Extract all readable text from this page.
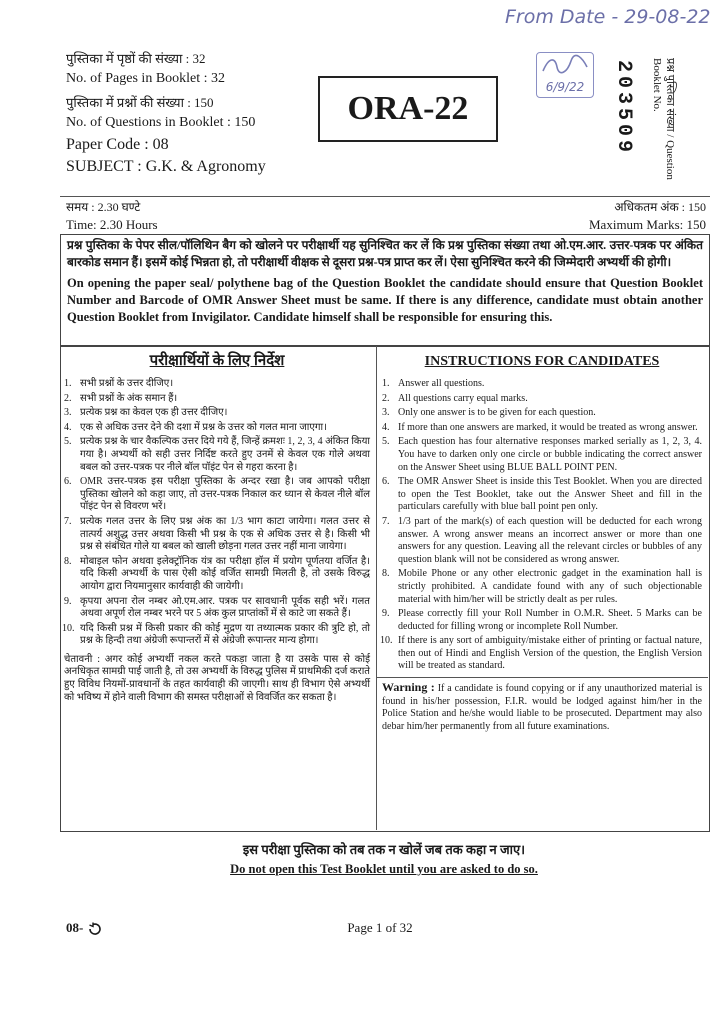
From Date - 29-08-22
6/9/22
पुस्तिका में पृष्ठों की संख्या : 32
No. of Pages in Booklet : 32
पुस्तिका में प्रश्नों की संख्या : 150
No. of Questions in Booklet : 150
Paper Code : 08
SUBJECT : G.K. & Agronomy
ORA-22	203509	प्रश्न पुस्तिका संख्या / Question Booklet No.
समय : 2.30 घण्टे
Time: 2.30 Hours
अधिकतम अंक : 150
Maximum Marks: 150
प्रश्न पुस्तिका के पेपर सील/पॉलिथिन बैग को खोलने पर परीक्षार्थी यह सुनिश्चित कर लें कि प्रश्न पुस्तिका संख्या तथा ओ.एम.आर. उत्तर-पत्रक पर अंकित बारकोड समान हैं। इसमें कोई भिन्नता हो, तो परीक्षार्थी वीक्षक से दूसरा प्रश्न-पत्र प्राप्त कर लें। ऐसा सुनिश्चित करने की जिम्मेदारी अभ्यर्थी की होगी।
On opening the paper seal/ polythene bag of the Question Booklet the candidate should ensure that Question Booklet Number and Barcode of OMR Answer Sheet must be same. If there is any difference, candidate must obtain another Question Booklet from Invigilator. Candidate himself shall be responsible for ensuring this.
परीक्षार्थियों के लिए निर्देश
1. सभी प्रश्नों के उत्तर दीजिए।
2. सभी प्रश्नों के अंक समान हैं।
3. प्रत्येक प्रश्न का केवल एक ही उत्तर दीजिए।
4. एक से अधिक उत्तर देने की दशा में प्रश्न के उत्तर को गलत माना जाएगा।
5. प्रत्येक प्रश्न के चार वैकल्पिक उत्तर दिये गये हैं, जिन्हें क्रमशः 1, 2, 3, 4 अंकित किया गया है। अभ्यर्थी को सही उत्तर निर्दिष्ट करते हुए उनमें से केवल एक गोले अथवा बबल को उत्तर-पत्रक पर नीले बॉल पॉइंट पेन से गहरा करना है।
6. OMR उत्तर-पत्रक इस परीक्षा पुस्तिका के अन्दर रखा है। जब आपको परीक्षा पुस्तिका खोलने को कहा जाए, तो उत्तर-पत्रक निकाल कर ध्यान से केवल नीले बॉल पॉइंट पेन से विवरण भरें।
7. प्रत्येक गलत उत्तर के लिए प्रश्न अंक का 1/3 भाग काटा जायेगा। गलत उत्तर से तात्पर्य अशुद्ध उत्तर अथवा किसी भी प्रश्न के एक से अधिक उत्तर से है। किसी भी प्रश्न से संबंधित गोले या बबल को खाली छोड़ना गलत उत्तर नहीं माना जायेगा।
8. मोबाइल फोन अथवा इलेक्ट्रॉनिक यंत्र का परीक्षा हॉल में प्रयोग पूर्णतया वर्जित है। यदि किसी अभ्यर्थी के पास ऐसी कोई वर्जित सामग्री मिलती है, तो उसके विरुद्ध आयोग द्वारा नियमानुसार कार्यवाही की जायेगी।
9. कृपया अपना रोल नम्बर ओ.एम.आर. पत्रक पर सावधानी पूर्वक सही भरें। गलत अथवा अपूर्ण रोल नम्बर भरने पर 5 अंक कुल प्राप्तांकों में से काटे जा सकते हैं।
10. यदि किसी प्रश्न में किसी प्रकार की कोई मुद्रण या तथ्यात्मक प्रकार की त्रुटि हो, तो प्रश्न के हिन्दी तथा अंग्रेजी रूपान्तरों में से अंग्रेजी रूपान्तर मान्य होगा।
चेतावनी : अगर कोई अभ्यर्थी नकल करते पकड़ा जाता है या उसके पास से कोई अनधिकृत सामग्री पाई जाती है, तो उस अभ्यर्थी के विरुद्ध पुलिस में प्राथमिकी दर्ज कराते हुए विविध नियमों-प्रावधानों के तहत कार्यवाही की जाएगी। साथ ही विभाग ऐसे अभ्यर्थी को भविष्य में होने वाली विभाग की समस्त परीक्षाओं से विवर्जित कर सकता है।
INSTRUCTIONS FOR CANDIDATES
1. Answer all questions.
2. All questions carry equal marks.
3. Only one answer is to be given for each question.
4. If more than one answers are marked, it would be treated as wrong answer.
5. Each question has four alternative responses marked serially as 1, 2, 3, 4. You have to darken only one circle or bubble indicating the correct answer on the Answer Sheet using BLUE BALL POINT PEN.
6. The OMR Answer Sheet is inside this Test Booklet. When you are directed to open the Test Booklet, take out the Answer Sheet and fill in the particulars carefully with blue ball point pen only.
7. 1/3 part of the mark(s) of each question will be deducted for each wrong answer. A wrong answer means an incorrect answer or more than one answers for any question. Leaving all the relevant circles or bubbles of any question blank will not be considered as wrong answer.
8. Mobile Phone or any other electronic gadget in the examination hall is strictly prohibited. A candidate found with any of such objectionable material with him/her will be strictly dealt as per rules.
9. Please correctly fill your Roll Number in O.M.R. Sheet. 5 Marks can be deducted for filling wrong or incomplete Roll Number.
10. If there is any sort of ambiguity/mistake either of printing or factual nature, then out of Hindi and English Version of the question, the English Version will be treated as standard.
Warning : If a candidate is found copying or if any unauthorized material is found in his/her possession, F.I.R. would be lodged against him/her in the Police Station and he/she would liable to be prosecuted. Department may also debar him/her permanently from all future examinations.
इस परीक्षा पुस्तिका को तब तक न खोलें जब तक कहा न जाए।
Do not open this Test Booklet until you are asked to do so.
08-	Page 1 of 32
